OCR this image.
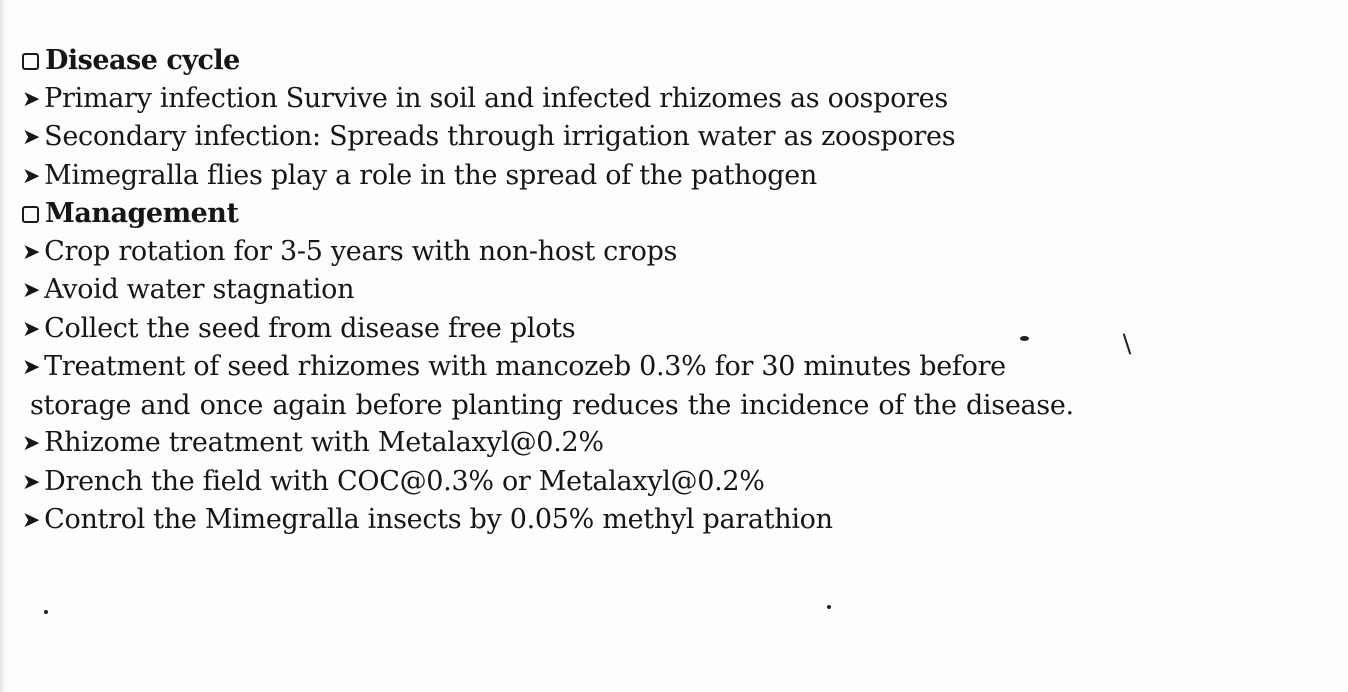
Disease cycle
➤ Primary infection Survive in soil and infected rhizomes as oospores
➤ Secondary infection: Spreads through irrigation water as zoospores
➤ Mimegralla flies play a role in the spread of the pathogen
Management
➤ Crop rotation for 3-5 years with non-host crops
➤ Avoid water stagnation
➤ Collect the seed from disease free plots
➤ Treatment of seed rhizomes with mancozeb 0.3% for 30 minutes before
storage and once again before planting reduces the incidence of the disease.
➤ Rhizome treatment with Metalaxyl@0.2%
➤ Drench the field with COC@0.3% or Metalaxyl@0.2%
➤ Control the Mimegralla insects by 0.05% methyl parathion
